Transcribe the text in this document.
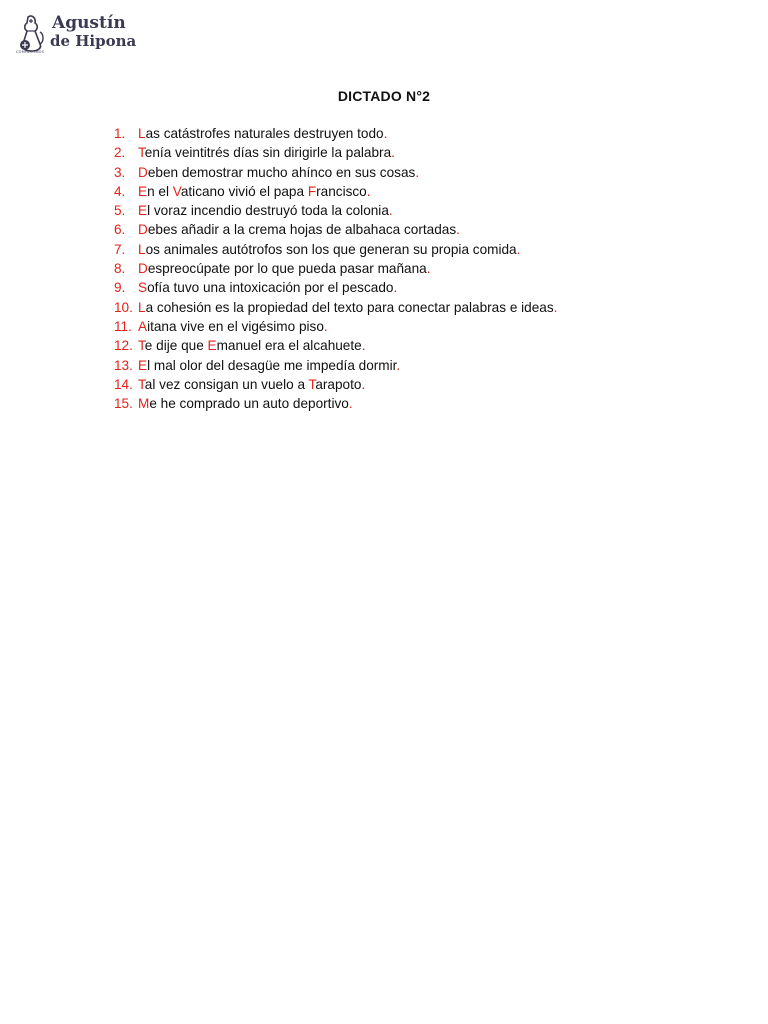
Agustín
de Hipona
COMPARTIMOS
DICTADO N°2
1. Las catástrofes naturales destruyen todo.
2. Tenía veintitrés días sin dirigirle la palabra.
3. Deben demostrar mucho ahínco en sus cosas.
4. En el Vaticano vivió el papa Francisco.
5. El voraz incendio destruyó toda la colonia.
6. Debes añadir a la crema hojas de albahaca cortadas.
7. Los animales autótrofos son los que generan su propia comida.
8. Despreocúpate por lo que pueda pasar mañana.
9. Sofía tuvo una intoxicación por el pescado.
10. La cohesión es la propiedad del texto para conectar palabras e ideas.
11. Aitana vive en el vigésimo piso.
12. Te dije que Emanuel era el alcahuete.
13. El mal olor del desagüe me impedía dormir.
14. Tal vez consigan un vuelo a Tarapoto.
15. Me he comprado un auto deportivo.
